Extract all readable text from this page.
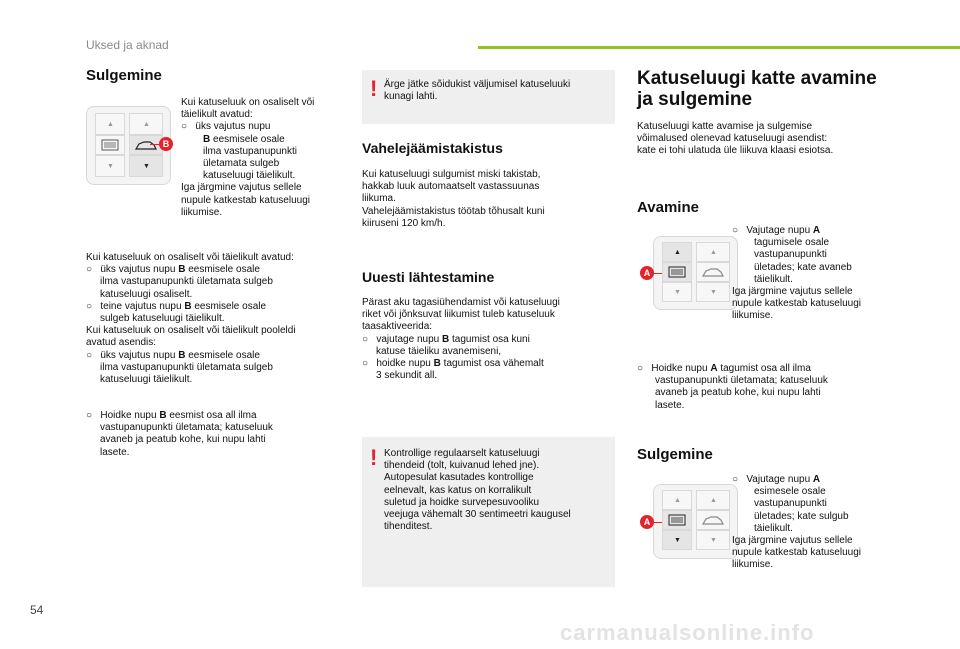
Uksed ja aknad
Sulgemine
▲	▲
▼	▼
B

Kui katuseluuk on osaliselt või

täielikult avatud:

○︎ üks vajutus nupu

B eesmisele osale

ilma vastupanupunkti

ületamata sulgeb

katuseluugi täielikult.

Iga järgmine vajutus sellele

nupule katkestab katuseluugi

liikumise.

Kui katuseluuk on osaliselt või täielikult avatud:

○︎   üks vajutus nupu B eesmisele osale

ilma vastupanupunkti ületamata sulgeb

katuseluugi osaliselt.

○︎   teine vajutus nupu B eesmisele osale

sulgeb katuseluugi täielikult.

Kui katuseluuk on osaliselt või täielikult pooleldi

avatud asendis:

○︎   üks vajutus nupu B eesmisele osale

ilma vastupanupunkti ületamata sulgeb

katuseluugi täielikult.

○︎   Hoidke nupu B eesmist osa all ilma

vastupanupunkti ületamata; katuseluuk

avaneb ja peatub kohe, kui nupu lahti

lasete.

! Ärge jätke sõidukist väljumisel katuseluuki

kunagi lahti.

Vahelejäämistakistus

Kui katuseluugi sulgumist miski takistab,

hakkab luuk automaatselt vastassuunas

liikuma.

Vahelejäämistakistus töötab tõhusalt kuni

kiiruseni 120 km/h.

Uuesti lähtestamine

Pärast aku tagasiühendamist või katuseluugi

riket või jõnksuvat liikumist tuleb katuseluuk

taasaktiveerida:

○︎   vajutage nupu B tagumist osa kuni

katuse täieliku avanemiseni,

○︎   hoidke nupu B tagumist osa vähemalt

3 sekundit all.

! Kontrollige regulaarselt katuseluugi

tihendeid (tolt, kuivanud lehed jne).

Autopesulat kasutades kontrollige

eelnevalt, kas katus on korralikult

suletud ja hoidke survepesuvooliku

veejuga vähemalt 30 sentimeetri kaugusel

tihenditest.

Katuseluugi katte avamine
ja sulgemine

Katuseluugi katte avamise ja sulgemise

võimalused olenevad katuseluugi asendist:

kate ei tohi ulatuda üle liikuva klaasi esiotsa.

Avamine
▲	▲
▼	▼
A

○︎   Vajutage nupu A

tagumisele osale

vastupanupunkti

ületades; kate avaneb

täielikult.

Iga järgmine vajutus sellele

nupule katkestab katuseluugi

liikumise.

○︎   Hoidke nupu A tagumist osa all ilma

vastupanupunkti ületamata; katuseluuk

avaneb ja peatub kohe, kui nupu lahti

lasete.

Sulgemine
▲	▲
▼	▼
A

○︎   Vajutage nupu A

esimesele osale

vastupanupunkti

ületades; kate sulgub

täielikult.

Iga järgmine vajutus sellele

nupule katkestab katuseluugi

liikumise.

54
carmanualsonline.info
